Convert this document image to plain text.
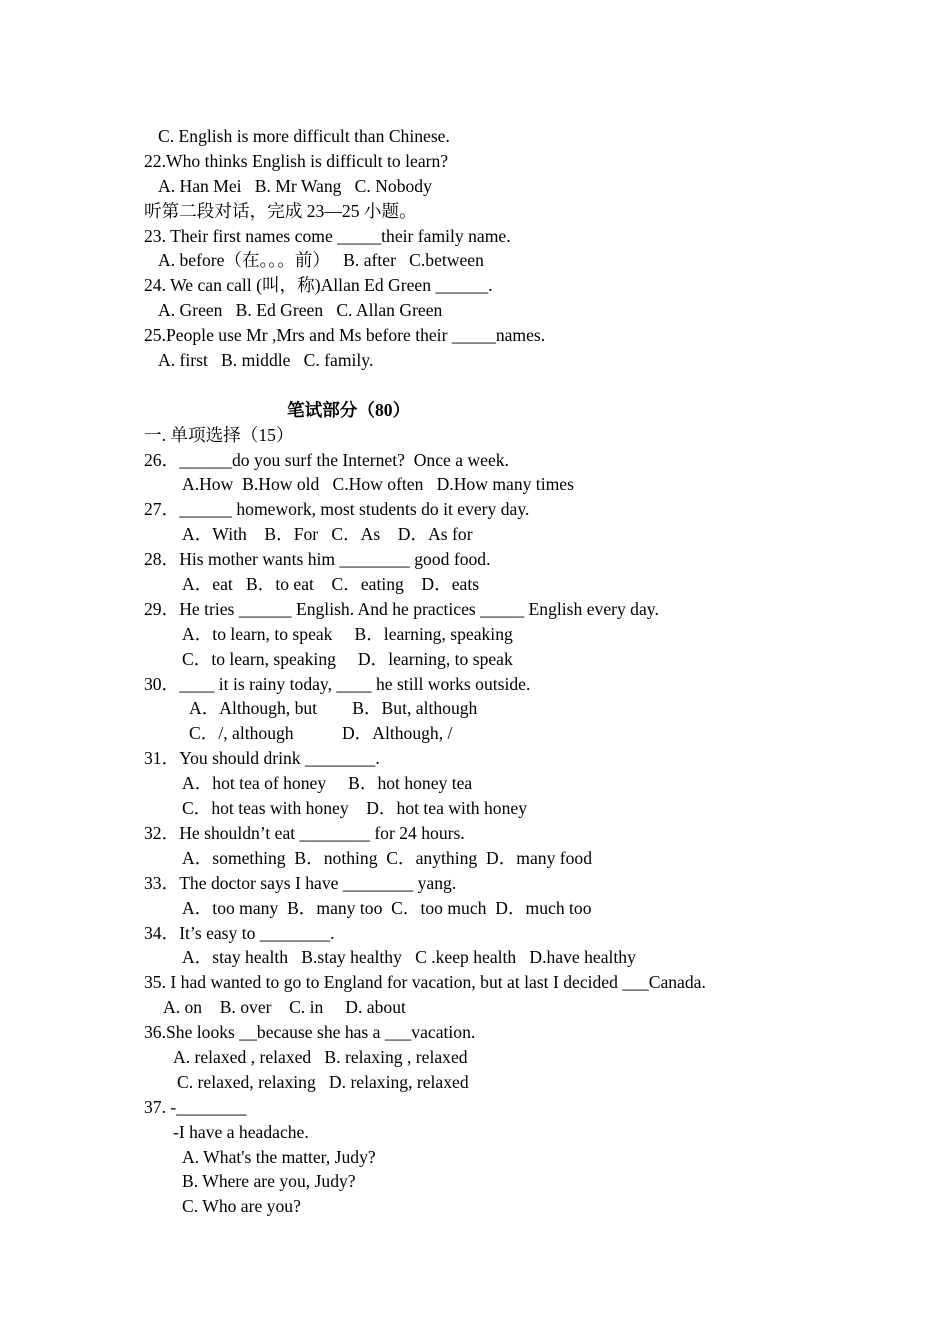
C. English is more difficult than Chinese.
22.Who thinks English is difficult to learn?
A. Han Mei   B. Mr Wang   C. Nobody
听第二段对话，完成 23—25 小题。
23. Their first names come _____their family name.
A. before（在。。。前）   B. after   C.between
24. We can call (叫，称)Allan Ed Green ______.
A. Green   B. Ed Green   C. Allan Green
25.People use Mr ,Mrs and Ms before their _____names.
A. first   B. middle   C. family.
笔试部分（80）
一. 单项选择（15）
26．______do you surf the Internet?  Once a week.
A.How  B.How old   C.How often   D.How many times
27．______ homework, most students do it every day.
A．With    B．For   C．As    D．As for
28．His mother wants him ________ good food.
A．eat   B．to eat    C．eating    D．eats
29．He tries ______ English. And he practices _____ English every day.
A．to learn, to speak     B．learning, speaking
C．to learn, speaking     D．learning, to speak
30．____ it is rainy today, ____ he still works outside.
A．Although, but        B．But, although
C．/, although           D．Although, /
31．You should drink ________.
A．hot tea of honey     B．hot honey tea
C．hot teas with honey    D．hot tea with honey
32．He shouldn’t eat ________ for 24 hours.
A．something  B．nothing  C．anything  D．many food
33．The doctor says I have ________ yang.
A．too many  B．many too  C．too much  D．much too
34．It’s easy to ________.
A．stay health   B.stay healthy   C .keep health   D.have healthy
35. I had wanted to go to England for vacation, but at last I decided ___Canada.
A. on    B. over    C. in     D. about
36.She looks __because she has a ___vacation.
A. relaxed , relaxed   B. relaxing , relaxed
C. relaxed, relaxing   D. relaxing, relaxed
37. -________
-I have a headache.
A. What's the matter, Judy?
B. Where are you, Judy?
C. Who are you?
